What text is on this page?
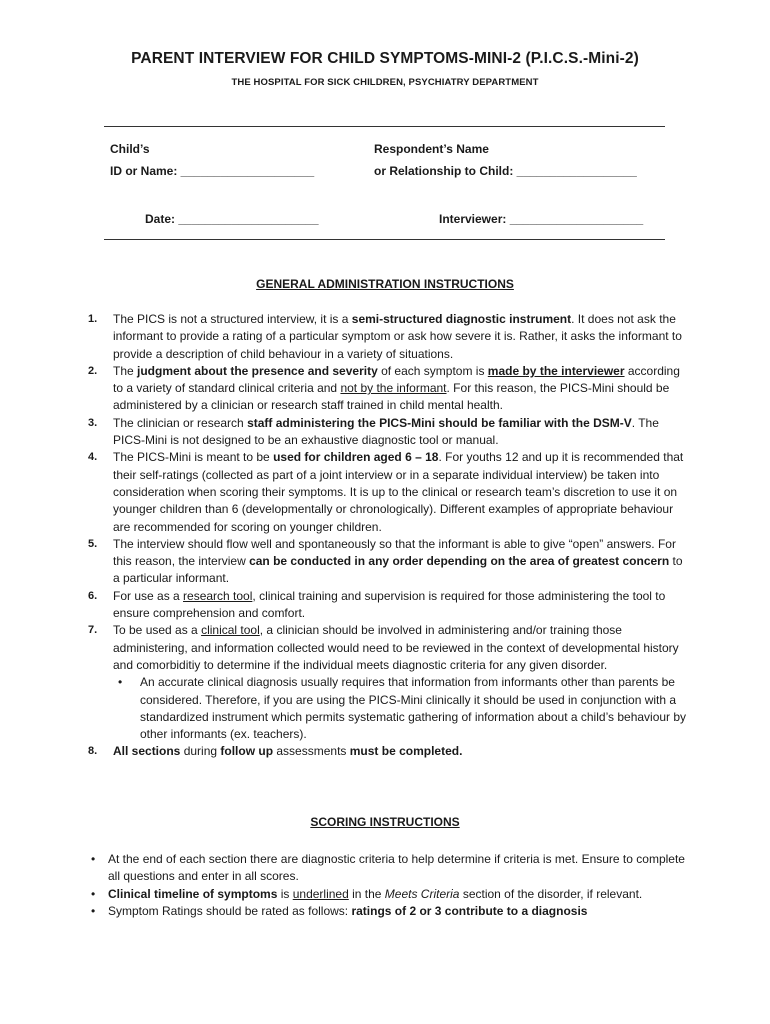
PARENT INTERVIEW FOR CHILD SYMPTOMS-MINI-2 (P.I.C.S.-Mini-2)
THE HOSPITAL FOR SICK CHILDREN, PSYCHIATRY DEPARTMENT
Child’s
ID or Name: ____________________
Respondent’s Name
or Relationship to Child: __________________
Date: _____________________	Interviewer: ____________________
GENERAL ADMINISTRATION INSTRUCTIONS
1. The PICS is not a structured interview, it is a semi-structured diagnostic instrument. It does not ask the informant to provide a rating of a particular symptom or ask how severe it is. Rather, it asks the informant to provide a description of child behaviour in a variety of situations.
2. The judgment about the presence and severity of each symptom is made by the interviewer according to a variety of standard clinical criteria and not by the informant. For this reason, the PICS-Mini should be administered by a clinician or research staff trained in child mental health.
3. The clinician or research staff administering the PICS-Mini should be familiar with the DSM-V. The PICS-Mini is not designed to be an exhaustive diagnostic tool or manual.
4. The PICS-Mini is meant to be used for children aged 6 – 18. For youths 12 and up it is recommended that their self-ratings (collected as part of a joint interview or in a separate individual interview) be taken into consideration when scoring their symptoms. It is up to the clinical or research team’s discretion to use it on younger children than 6 (developmentally or chronologically). Different examples of appropriate behaviour are recommended for scoring on younger children.
5. The interview should flow well and spontaneously so that the informant is able to give “open” answers. For this reason, the interview can be conducted in any order depending on the area of greatest concern to a particular informant.
6. For use as a research tool, clinical training and supervision is required for those administering the tool to ensure comprehension and comfort.
7. To be used as a clinical tool, a clinician should be involved in administering and/or training those administering, and information collected would need to be reviewed in the context of developmental history and comorbiditiy to determine if the individual meets diagnostic criteria for any given disorder.
• An accurate clinical diagnosis usually requires that information from informants other than parents be considered. Therefore, if you are using the PICS-Mini clinically it should be used in conjunction with a standardized instrument which permits systematic gathering of information about a child’s behaviour by other informants (ex. teachers).
8. All sections during follow up assessments must be completed.
SCORING INSTRUCTIONS
• At the end of each section there are diagnostic criteria to help determine if criteria is met. Ensure to complete all questions and enter in all scores.
• Clinical timeline of symptoms is underlined in the Meets Criteria section of the disorder, if relevant.
• Symptom Ratings should be rated as follows: ratings of 2 or 3 contribute to a diagnosis
